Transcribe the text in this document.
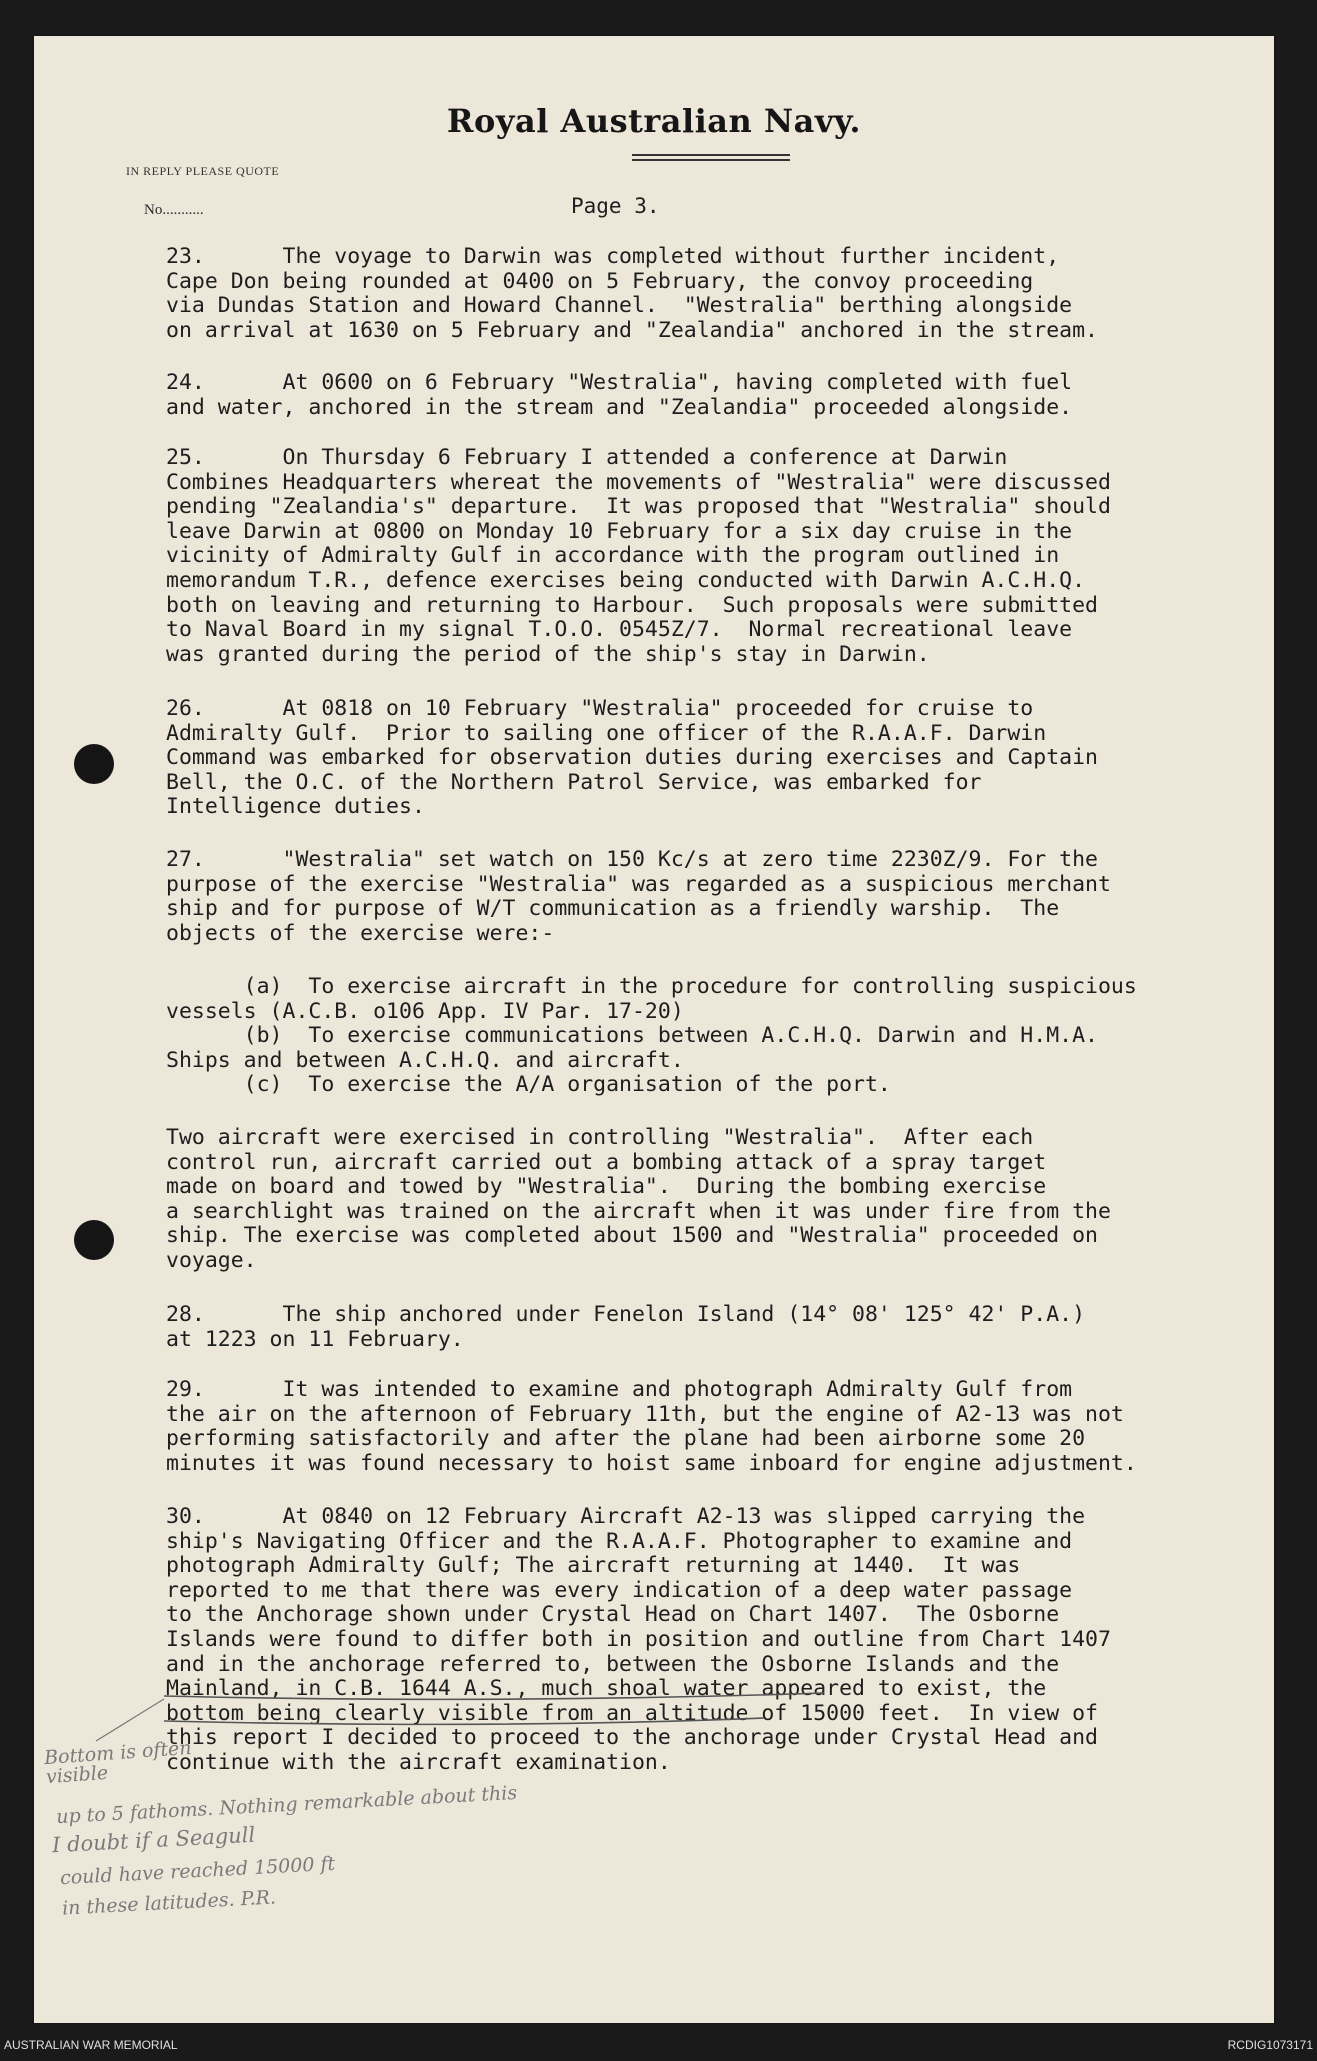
Royal Australian Navy.
IN REPLY PLEASE QUOTE
No...........	Page 3.
23.      The voyage to Darwin was completed without further incident,
Cape Don being rounded at 0400 on 5 February, the convoy proceeding
via Dundas Station and Howard Channel.  "Westralia" berthing alongside
on arrival at 1630 on 5 February and "Zealandia" anchored in the stream.
24.      At 0600 on 6 February "Westralia", having completed with fuel
and water, anchored in the stream and "Zealandia" proceeded alongside.
25.      On Thursday 6 February I attended a conference at Darwin
Combines Headquarters whereat the movements of "Westralia" were discussed
pending "Zealandia's" departure.  It was proposed that "Westralia" should
leave Darwin at 0800 on Monday 10 February for a six day cruise in the
vicinity of Admiralty Gulf in accordance with the program outlined in
memorandum T.R., defence exercises being conducted with Darwin A.C.H.Q.
both on leaving and returning to Harbour.  Such proposals were submitted
to Naval Board in my signal T.O.O. 0545Z/7.  Normal recreational leave
was granted during the period of the ship's stay in Darwin.
26.      At 0818 on 10 February "Westralia" proceeded for cruise to
Admiralty Gulf.  Prior to sailing one officer of the R.A.A.F. Darwin
Command was embarked for observation duties during exercises and Captain
Bell, the O.C. of the Northern Patrol Service, was embarked for
Intelligence duties.
27.      "Westralia" set watch on 150 Kc/s at zero time 2230Z/9. For the
purpose of the exercise "Westralia" was regarded as a suspicious merchant
ship and for purpose of W/T communication as a friendly warship.  The
objects of the exercise were:-
(a)  To exercise aircraft in the procedure for controlling suspicious
vessels (A.C.B. o106 App. IV Par. 17-20)
(b)  To exercise communications between A.C.H.Q. Darwin and H.M.A.
Ships and between A.C.H.Q. and aircraft.
(c)  To exercise the A/A organisation of the port.
Two aircraft were exercised in controlling "Westralia".  After each
control run, aircraft carried out a bombing attack of a spray target
made on board and towed by "Westralia".  During the bombing exercise
a searchlight was trained on the aircraft when it was under fire from the
ship. The exercise was completed about 1500 and "Westralia" proceeded on
voyage.
28.      The ship anchored under Fenelon Island (14° 08' 125° 42' P.A.)
at 1223 on 11 February.
29.      It was intended to examine and photograph Admiralty Gulf from
the air on the afternoon of February 11th, but the engine of A2-13 was not
performing satisfactorily and after the plane had been airborne some 20
minutes it was found necessary to hoist same inboard for engine adjustment.
30.      At 0840 on 12 February Aircraft A2-13 was slipped carrying the
ship's Navigating Officer and the R.A.A.F. Photographer to examine and
photograph Admiralty Gulf; The aircraft returning at 1440.  It was
reported to me that there was every indication of a deep water passage
to the Anchorage shown under Crystal Head on Chart 1407.  The Osborne
Islands were found to differ both in position and outline from Chart 1407
and in the anchorage referred to, between the Osborne Islands and the
Mainland, in C.B. 1644 A.S., much shoal water appeared to exist, the
bottom being clearly visible from an altitude of 15000 feet.  In view of
this report I decided to proceed to the anchorage under Crystal Head and
continue with the aircraft examination.
Bottom is often
visible
up to 5 fathoms. Nothing remarkable about this
I doubt if a Seagull
could have reached 15000 ft
in these latitudes. P.R.
AUSTRALIAN WAR MEMORIAL	RCDIG1073171
